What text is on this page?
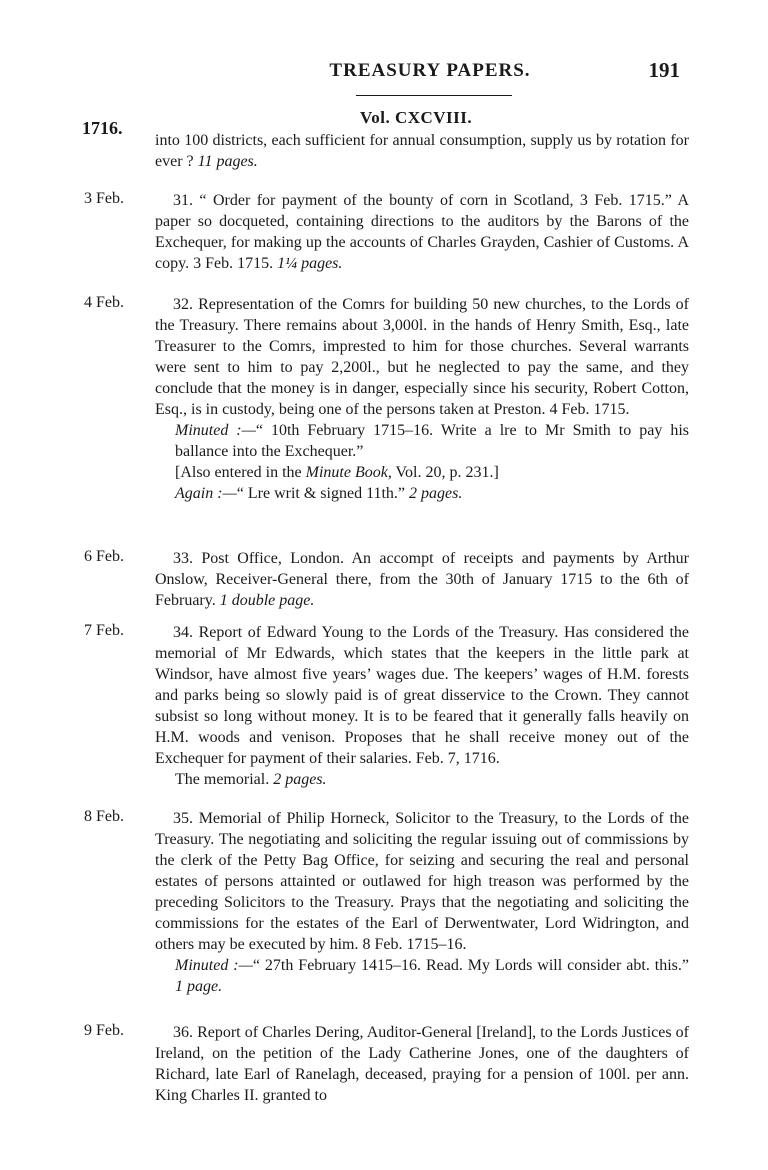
TREASURY PAPERS.	191
1716.
Vol. CXCVIII.

into 100 districts, each sufficient for annual consumption, supply us by rotation for ever ? 11 pages.

3 Feb.	31. “ Order for payment of the bounty of corn in Scotland, 3 Feb. 1715.” A paper so docqueted, containing directions to the auditors by the Barons of the Exchequer, for making up the accounts of Charles Grayden, Cashier of Customs. A copy. 3 Feb. 1715. 1¼ pages.

4 Feb.	32. Representation of the Comrs for building 50 new churches, to the Lords of the Treasury. There remains about 3,000l. in the hands of Henry Smith, Esq., late Treasurer to the Comrs, imprested to him for those churches. Several warrants were sent to him to pay 2,200l., but he neglected to pay the same, and they conclude that the money is in danger, especially since his security, Robert Cotton, Esq., is in custody, being one of the persons taken at Preston. 4 Feb. 1715.

Minuted :—“ 10th February 1715–16. Write a lre to Mr Smith to pay his ballance into the Exchequer.”

[Also entered in the Minute Book, Vol. 20, p. 231.]

Again :—“ Lre writ & signed 11th.” 2 pages.

6 Feb.	33. Post Office, London. An accompt of receipts and payments by Arthur Onslow, Receiver-General there, from the 30th of January 1715 to the 6th of February. 1 double page.

7 Feb.	34. Report of Edward Young to the Lords of the Treasury. Has considered the memorial of Mr Edwards, which states that the keepers in the little park at Windsor, have almost five years’ wages due. The keepers’ wages of H.M. forests and parks being so slowly paid is of great disservice to the Crown. They cannot subsist so long without money. It is to be feared that it generally falls heavily on H.M. woods and venison. Proposes that he shall receive money out of the Exchequer for payment of their salaries. Feb. 7, 1716.

The memorial. 2 pages.

8 Feb.	35. Memorial of Philip Horneck, Solicitor to the Treasury, to the Lords of the Treasury. The negotiating and soliciting the regular issuing out of commissions by the clerk of the Petty Bag Office, for seizing and securing the real and personal estates of persons attainted or outlawed for high treason was performed by the preceding Solicitors to the Treasury. Prays that the negotiating and soliciting the commissions for the estates of the Earl of Derwentwater, Lord Widrington, and others may be executed by him. 8 Feb. 1715–16.

Minuted :—“ 27th February 1415–16. Read. My Lords will consider abt. this.” 1 page.

9 Feb.	36. Report of Charles Dering, Auditor-General [Ireland], to the Lords Justices of Ireland, on the petition of the Lady Catherine Jones, one of the daughters of Richard, late Earl of Ranelagh, deceased, praying for a pension of 100l. per ann. King Charles II. granted to
